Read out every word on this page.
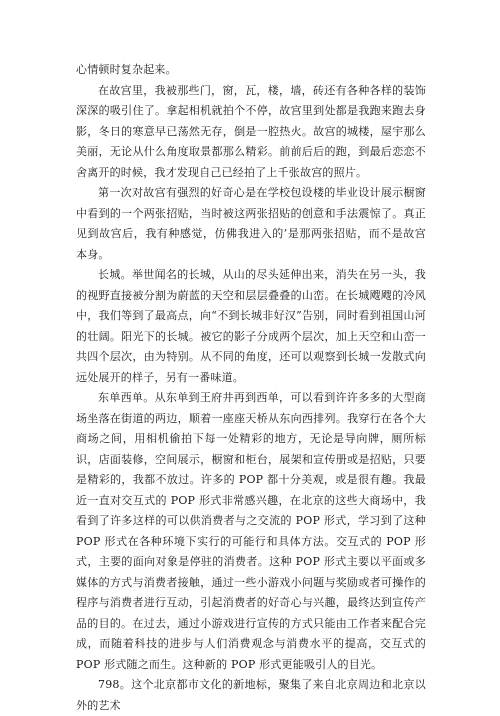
心情顿时复杂起来。

在故宫里，我被那些门，窗，瓦，楼，墙，砖还有各种各样的装饰深深的吸引住了。拿起相机就拍个不停，故宫里到处都是我跑来跑去身影，冬日的寒意早已荡然无存，倒是一腔热火。故宫的城楼，屋宇那么美丽，无论从什么角度取景都那么精彩。前前后后的跑，到最后恋恋不舍离开的时候，我才发现自己已经拍了上千张故宫的照片。

第一次对故宫有强烈的好奇心是在学校包设楼的毕业设计展示橱窗中看到的一个两张招贴，当时被这两张招贴的创意和手法震惊了。真正见到故宫后，我有种感觉，仿佛我进入的’是那两张招贴，而不是故宫本身。

长城。举世闻名的长城，从山的尽头延伸出来，消失在另一头，我的视野直接被分割为蔚蓝的天空和层层叠叠的山峦。在长城飕飕的冷风中，我们等到了最高点，向“不到长城非好汉”告别，同时看到祖国山河的壮阔。阳光下的长城。被它的影子分成两个层次，加上天空和山峦一共四个层次，由为特别。从不同的角度，还可以观察到长城一发散式向远处展开的样子，另有一番味道。

东单西单。从东单到王府井再到西单，可以看到许许多多的大型商场坐落在街道的两边，顺着一座座天桥从东向西排列。我穿行在各个大商场之间，用相机偷拍下每一处精彩的地方，无论是导向牌，厕所标识，店面装修，空间展示，橱窗和柜台，展架和宣传册或是招贴，只要是精彩的，我都不放过。许多的 POP 都十分美观，或是很有趣。我最近一直对交互式的 POP 形式非常感兴趣，在北京的这些大商场中，我看到了许多这样的可以供消费者与之交流的 POP 形式，学习到了这种 POP 形式在各种环境下实行的可能行和具体方法。交互式的 POP 形式，主要的面向对象是停驻的消费者。这种 POP 形式主要以平面或多媒体的方式与消费者接触，通过一些小游戏小问题与奖励或者可操作的程序与消费者进行互动，引起消费者的好奇心与兴趣，最终达到宣传产品的目的。在过去，通过小游戏进行宣传的方式只能由工作者来配合完成，而随着科技的进步与人们消费观念与消费水平的提高，交互式的 POP 形式随之而生。这种新的 POP 形式更能吸引人的目光。

798。这个北京都市文化的新地标，聚集了来自北京周边和北京以外的艺术
